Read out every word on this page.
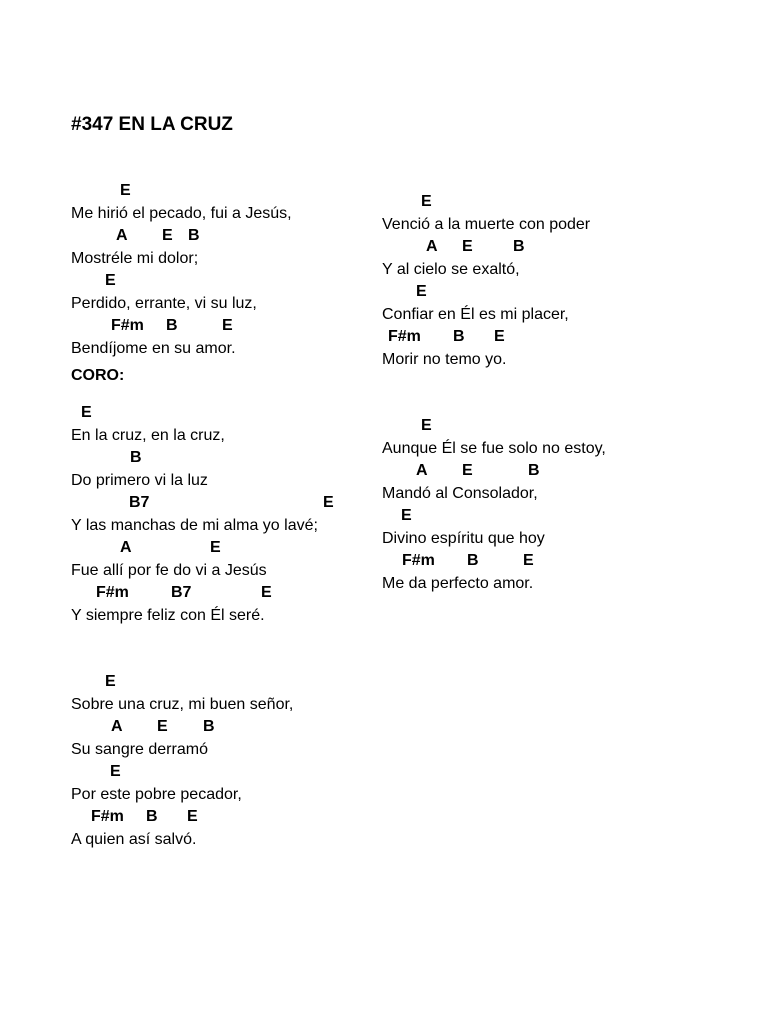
#347 EN LA CRUZ
E
Me hirió el pecado, fui a Jesús,
A E B
Mostréle mi dolor;
E
Perdido, errante, vi su luz,
F#m B	E
Bendíjome en su amor.
CORO:
E
En la cruz, en la cruz,
B
Do primero vi la luz
B7	E
Y las manchas de mi alma yo lavé;
A	E
Fue allí por fe do vi a Jesús
F#m	B7	E
Y siempre feliz con Él seré.
E
Sobre una cruz, mi buen señor,
A E B
Su sangre derramó
E
Por este pobre pecador,
F#m B E
A quien así salvó.
E
Venció a la muerte con poder
A E	B
Y al cielo se exaltó,
E
Confiar en Él es mi placer,
F#m B E
Morir no temo yo.
E
Aunque Él se fue solo no estoy,
A E	B
Mandó al Consolador,
E
Divino espíritu que hoy
F#m B	E
Me da perfecto amor.
